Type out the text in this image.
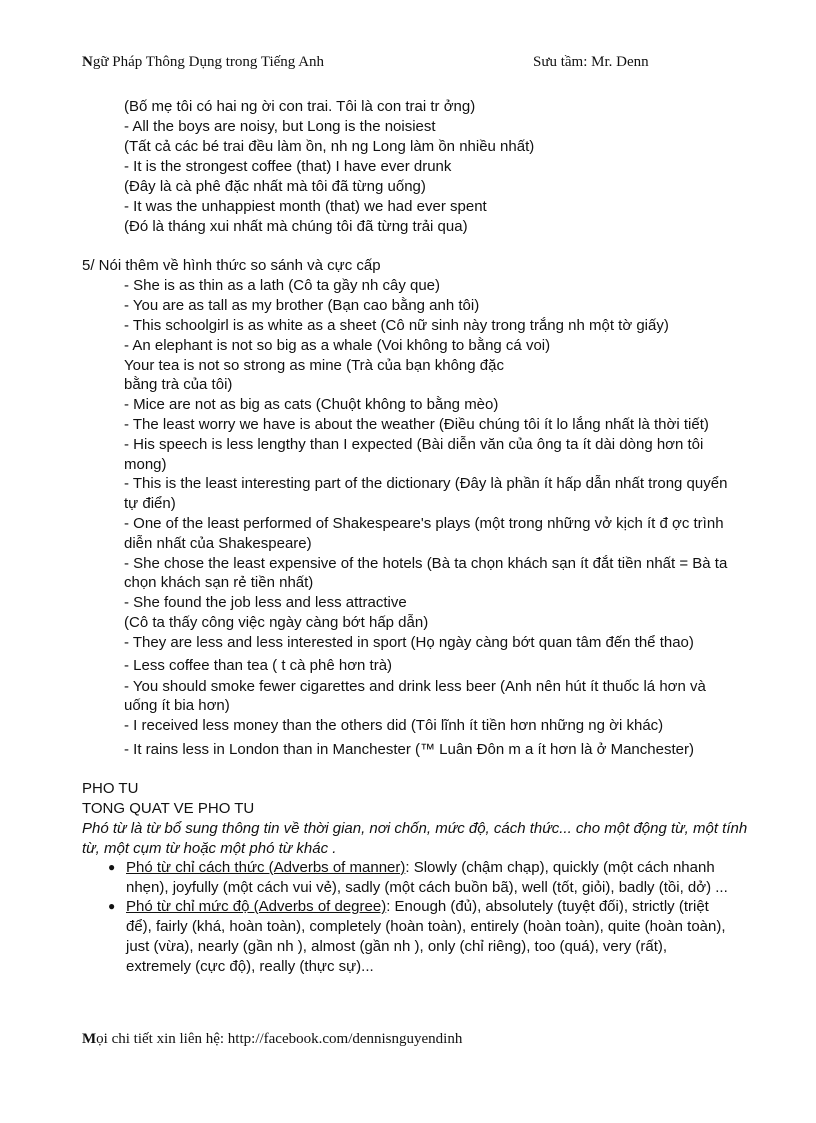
Ngữ Pháp Thông Dụng trong Tiếng Anh	Sưu tầm: Mr. Denn
(Bố mẹ tôi có hai ng ời con trai. Tôi là con trai tr ởng)
- All the boys are noisy, but Long is the noisiest
(Tất cả các bé trai đều làm ồn, nh ng Long làm ồn nhiều nhất)
- It is the strongest coffee (that) I have ever drunk
(Đây là cà phê đặc nhất mà tôi đã từng uống)
- It was the unhappiest month (that) we had ever spent
(Đó là tháng xui nhất mà chúng tôi đã từng trải qua)
5/ Nói thêm về hình thức so sánh và cực cấp
- She is as thin as a lath (Cô ta gầy nh cây que)
- You are as tall as my brother (Bạn cao bằng anh tôi)
- This schoolgirl is as white as a sheet (Cô nữ sinh này trong trắng nh một tờ giấy)
- An elephant is not so big as a whale (Voi không to bằng cá voi)
Your tea is not so strong as mine (Trà của bạn không đặc
bằng trà của tôi)
- Mice are not as big as cats (Chuột không to bằng mèo)
- The least worry we have is about the weather (Điều chúng tôi ít lo lắng nhất là thời tiết)
- His speech is less lengthy than I expected (Bài diễn văn của ông ta ít dài dòng hơn tôi
mong)
- This is the least interesting part of the dictionary (Đây là phần ít hấp dẫn nhất trong quyển
tự điển)
- One of the least performed of Shakespeare's plays (một trong những vở kịch ít đ ợc trình
diễn nhất của Shakespeare)
- She chose the least expensive of the hotels (Bà ta chọn khách sạn ít đắt tiền nhất = Bà ta
chọn khách sạn rẻ tiền nhất)
- She found the job less and less attractive
(Cô ta thấy công việc ngày càng bớt hấp dẫn)
- They are less and less interested in sport (Họ ngày càng bớt quan tâm đến thể thao)
- Less coffee than tea ( t cà phê hơn trà)
- You should smoke fewer cigarettes and drink less beer (Anh nên hút ít thuốc lá hơn và
uống ít bia hơn)
- I received less money than the others did (Tôi lĩnh ít tiền hơn những ng ời khác)
- It rains less in London than in Manchester (™ Luân Đôn m a ít hơn là ở Manchester)
PHO TU
TONG QUAT VE PHO TU
Phó từ là từ bổ sung thông tin về thời gian, nơi chốn, mức độ, cách thức... cho một động từ, một tính
từ, một cụm từ hoặc một phó từ khác .
● Phó từ chỉ cách thức (Adverbs of manner): Slowly (chậm chạp), quickly (một cách nhanh
nhẹn), joyfully (một cách vui vẻ), sadly (một cách buồn bã), well (tốt, giỏi), badly (tồi, dở) ...
● Phó từ chỉ mức độ (Adverbs of degree): Enough (đủ), absolutely (tuyệt đối), strictly (triệt
để), fairly (khá, hoàn toàn), completely (hoàn toàn), entirely (hoàn toàn), quite (hoàn toàn),
just (vừa), nearly (gần nh ), almost (gần nh ), only (chỉ riêng), too (quá), very (rất),
extremely (cực độ), really (thực sự)...
Mọi chi tiết xin liên hệ: http://facebook.com/dennisnguyendinh
